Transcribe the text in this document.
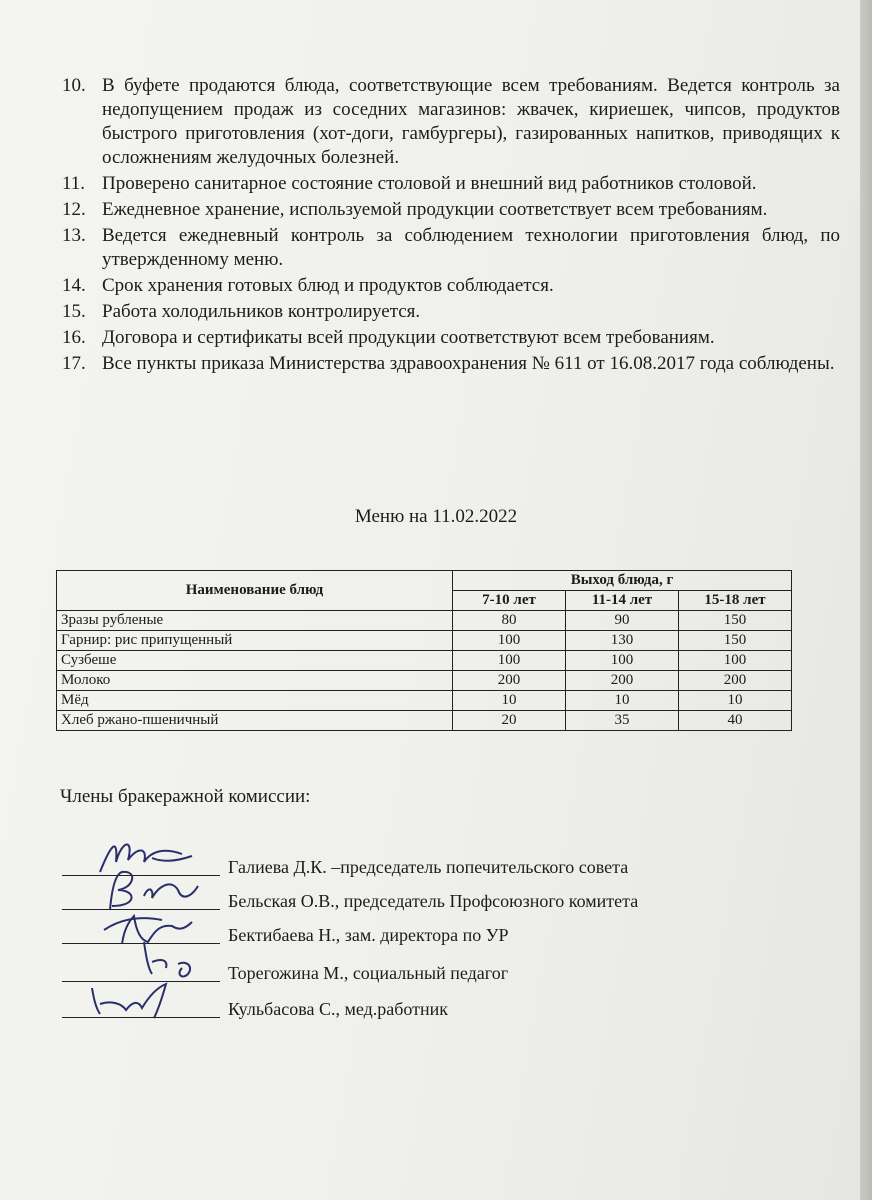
10. В буфете продаются блюда, соответствующие всем требованиям. Ведется контроль за недопущением продаж из соседних магазинов: жвачек, кириешек, чипсов, продуктов быстрого приготовления (хот-доги, гамбургеры), газированных напитков, приводящих к осложнениям желудочных болезней.
11. Проверено санитарное состояние столовой и внешний вид работников столовой.
12. Ежедневное хранение, используемой продукции соответствует всем требованиям.
13. Ведется ежедневный контроль за соблюдением технологии приготовления блюд, по утвержденному меню.
14. Срок хранения готовых блюд и продуктов соблюдается.
15. Работа холодильников контролируется.
16. Договора и сертификаты всей продукции соответствуют всем требованиям.
17. Все пункты приказа Министерства здравоохранения № 611 от 16.08.2017 года соблюдены.
Меню на 11.02.2022
Наименование блюд	Выход блюда, г		
	7-10 лет	11-14 лет	15-18 лет
Зразы рубленые	80	90	150
Гарнир: рис припущенный	100	130	150
Сузбеше	100	100	100
Молоко	200	200	200
Мёд	10	10	10
Хлеб ржано-пшеничный	20	35	40
Члены бракеражной комиссии:
Галиева Д.К. –председатель попечительского совета
Бельская О.В., председатель Профсоюзного комитета
Бектибаева Н., зам. директора по УР
Торегожина М., социальный педагог
Кульбасова С., мед.работник
